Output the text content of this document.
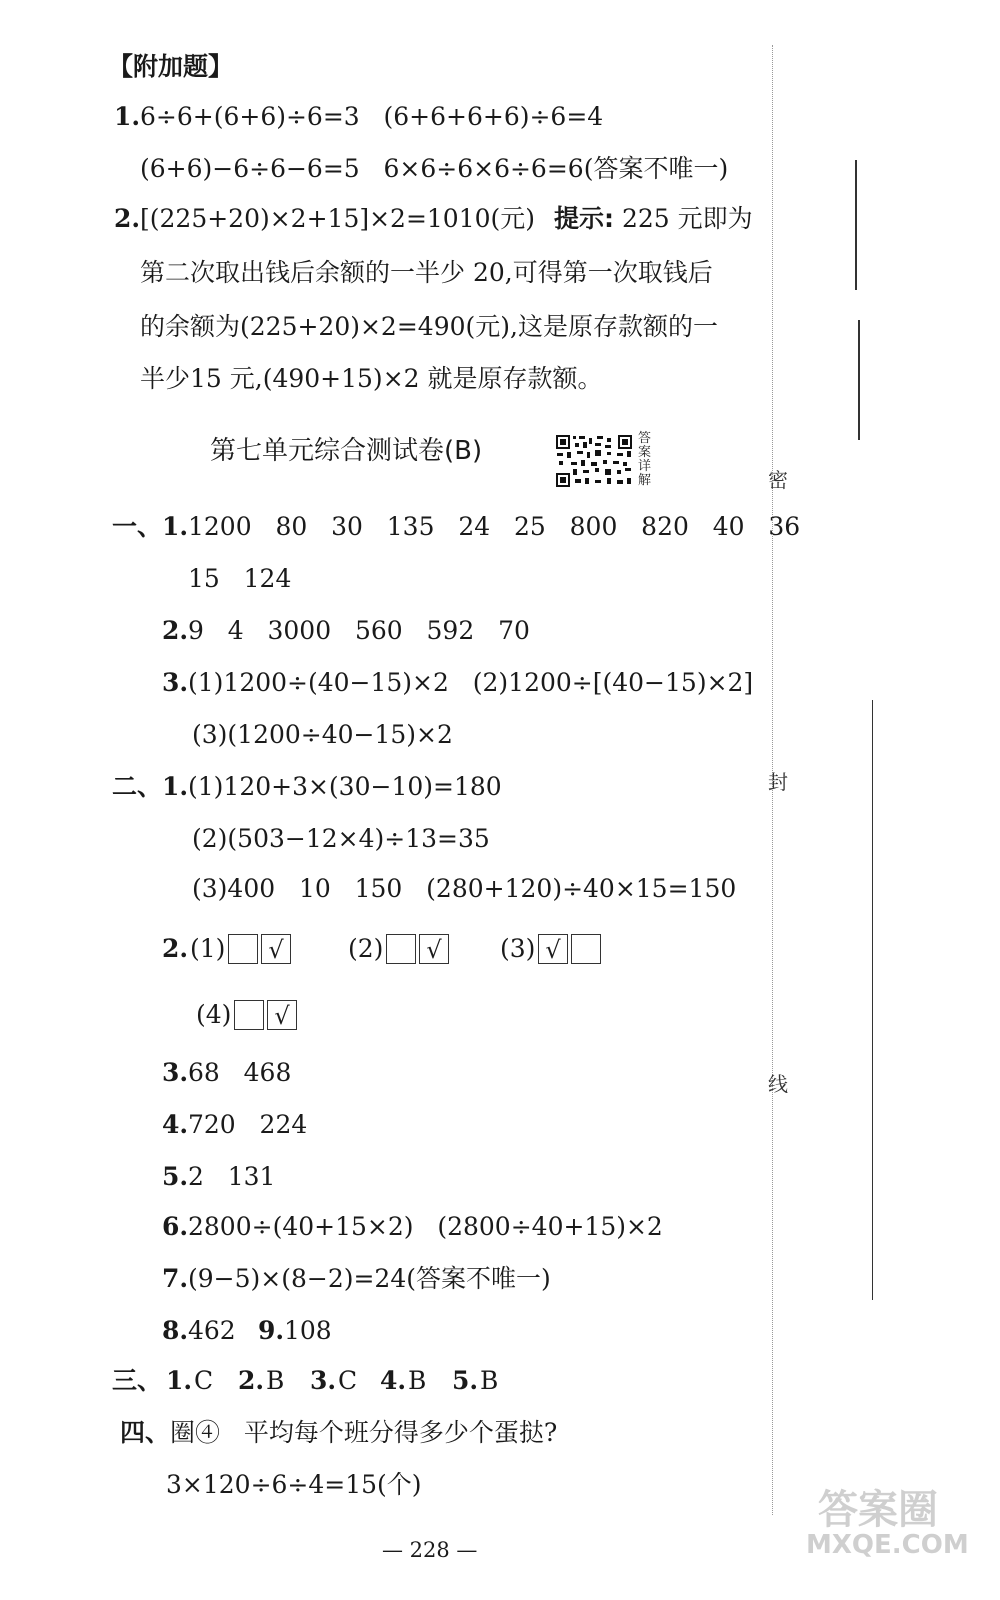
【附加题】
1. 6÷6+(6+6)÷6=3   (6+6+6+6)÷6=4
(6+6)−6÷6−6=5   6×6÷6×6÷6=6(答案不唯一)
2. [(225+20)×2+15]×2=1010(元) 提示: 225 元即为
第二次取出钱后余额的一半少 20,可得第一次取钱后
的余额为(225+20)×2=490(元),这是原存款额的一
半少15 元,(490+15)×2 就是原存款额。
第七单元综合测试卷(B)	答
案
详
解
一、 1. 1200   80   30   135   24   25   800   820   40   36
15   124
2. 9   4   3000   560   592   70
3. (1)1200÷(40−15)×2   (2)1200÷[(40−15)×2]
(3)(1200÷40−15)×2
二、 1. (1)120+3×(30−10)=180
(2)(503−12×4)÷13=35
(3)400   10   150   (280+120)÷40×15=150
2. (1) √	(2) √	(3) √
(4) √
3. 68   468
4. 720   224
5. 2   131
6. 2800÷(40+15×2)   (2800÷40+15)×2
7. (9−5)×(8−2)=24(答案不唯一)
8. 462 9. 108
三、 1. C 2. B 3. C 4. B 5. B
四、 圈④   平均每个班分得多少个蛋挞?
3×120÷6÷4=15(个)
— 228 —
密
封
线
答案圈
MXQE.COM
